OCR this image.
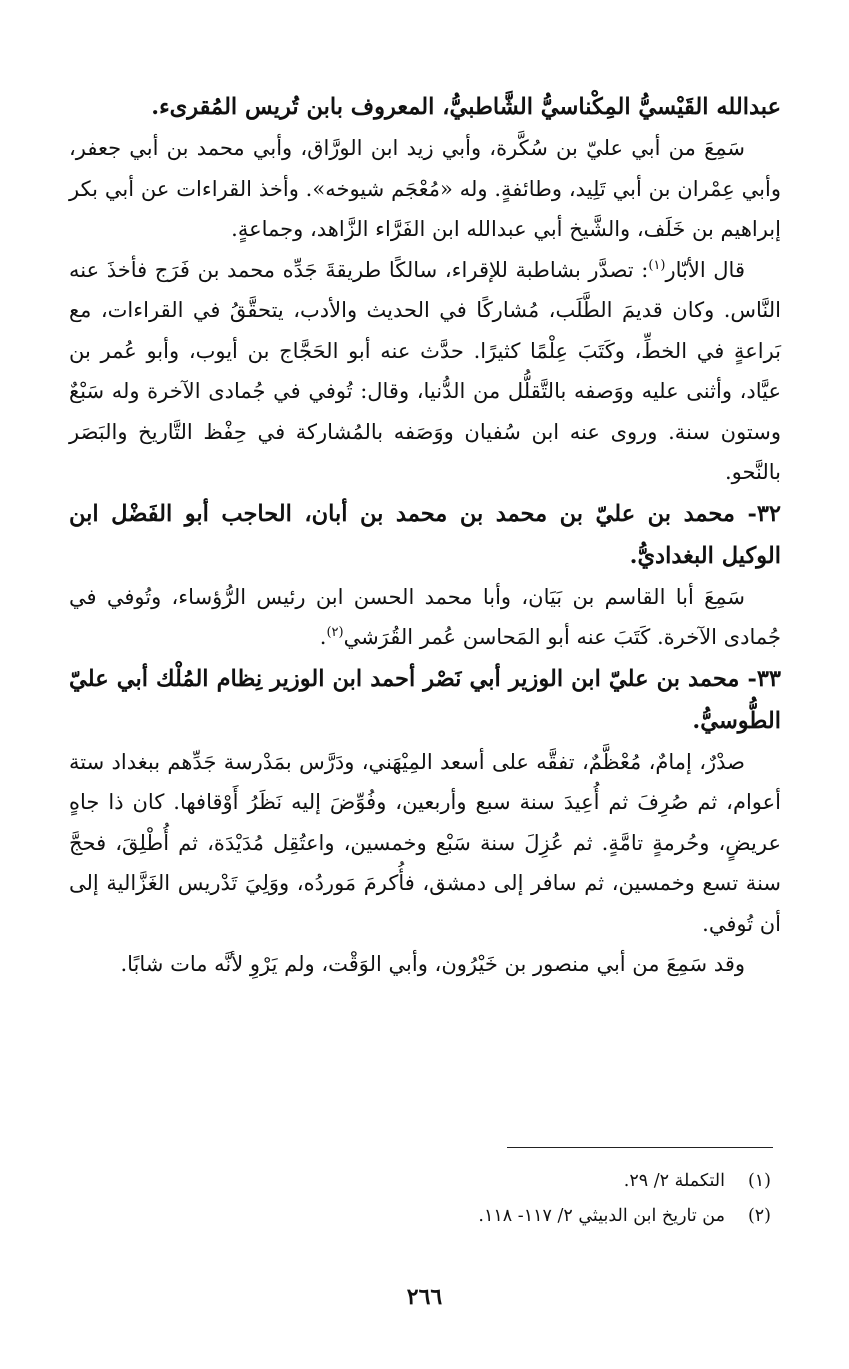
عبدالله القَيْسيُّ المِكْناسيُّ الشَّاطبيُّ، المعروف بابن تُريس المُقرىء.

سَمِعَ من أبي عليّ بن سُكَّرة، وأبي زيد ابن الورَّاق، وأبي محمد بن أبي جعفر، وأبي عِمْران بن أبي تَلِيد، وطائفةٍ. وله «مُعْجَم شيوخه». وأخذ القراءات عن أبي بكر إبراهيم بن خَلَف، والشَّيخ أبي عبدالله ابن الفَرَّاء الزَّاهد، وجماعةٍ.

قال الأبّار$^{(١)}$: تصدَّر بشاطبة للإقراء، سالكًا طريقةَ جَدِّه محمد بن فَرَج فأخذَ عنه النَّاس. وكان قديمَ الطَّلَب، مُشاركًا في الحديث والأدب، يتحقَّقُ في القراءات، مع بَراعةٍ في الخطِّ، وكَتَبَ عِلْمًا كثيرًا. حدَّث عنه أبو الحَجَّاج بن أيوب، وأبو عُمر بن عيَّاد، وأثنى عليه ووَصفه بالتَّقلُّل من الدُّنيا، وقال: تُوفي في جُمادى الآخرة وله سَبْعٌ وستون سنة. وروى عنه ابن سُفيان ووَصَفه بالمُشاركة في حِفْظ التَّاريخ والبَصَر بالنَّحو.

٣٢- محمد بن عليّ بن محمد بن محمد بن أبان، الحاجب أبو الفَضْل ابن الوكيل البغداديُّ.

سَمِعَ أبا القاسم بن بَيَان، وأبا محمد الحسن ابن رئيس الرُّؤساء، وتُوفي في جُمادى الآخرة. كَتَبَ عنه أبو المَحاسن عُمر القُرَشي$^{(٢)}$.

٣٣- محمد بن عليّ ابن الوزير أبي نَصْر أحمد ابن الوزير نِظام المُلْك أبي عليّ الطُّوسيُّ.

صدْرٌ، إمامٌ، مُعْظَّمٌ، تفقَّه على أسعد المِيْهَني، ودَرَّس بمَدْرسة جَدِّهم ببغداد ستة أعوام، ثم صُرِفَ ثم أُعِيدَ سنة سبع وأربعين، وفُوِّضَ إليه نَظَرُ أَوْقافها. كان ذا جاهٍ عريضٍ، وحُرمةٍ تامَّةٍ. ثم عُزِلَ سنة سَبْع وخمسين، واعتُقِل مُدَيْدَة، ثم أُطْلِقَ، فحجَّ سنة تسع وخمسين، ثم سافر إلى دمشق، فأُكرمَ مَوردُه، ووَلِيَ تَدْريس الغَزَّالية إلى أن تُوفي.

وقد سَمِعَ من أبي منصور بن خَيْرُون، وأبي الوَقْت، ولم يَرْوِ لأنَّه مات شابًا.

(١)التكملة ٢/ ٢٩.

(٢)من تاريخ ابن الدبيثي ٢/ ١١٧- ١١٨.

٢٦٦
